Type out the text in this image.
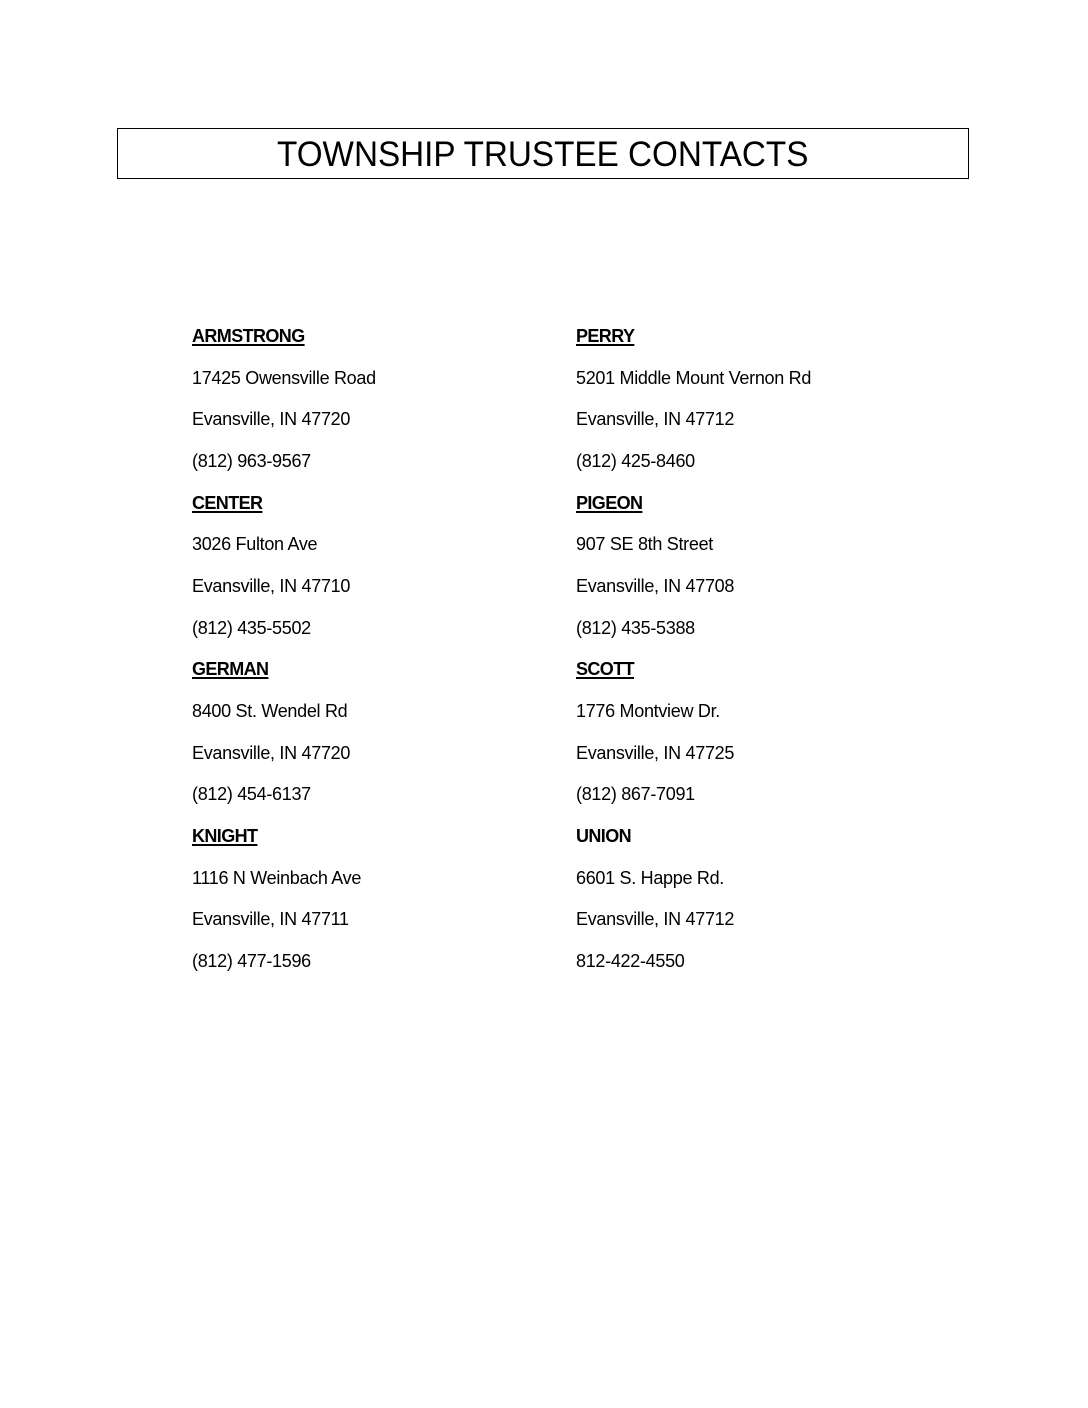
TOWNSHIP TRUSTEE CONTACTS
ARMSTRONG
17425 Owensville Road
Evansville, IN 47720
(812) 963-9567
CENTER
3026 Fulton Ave
Evansville, IN 47710
(812) 435-5502
GERMAN
8400 St. Wendel Rd
Evansville, IN 47720
(812) 454-6137
KNIGHT
1116 N Weinbach Ave
Evansville, IN 47711
(812) 477-1596
PERRY
5201 Middle Mount Vernon Rd
Evansville, IN 47712
(812) 425-8460
PIGEON
907 SE 8th Street
Evansville, IN 47708
(812) 435-5388
SCOTT
1776 Montview Dr.
Evansville, IN 47725
(812) 867-7091
UNION
6601 S. Happe Rd.
Evansville, IN 47712
812-422-4550
